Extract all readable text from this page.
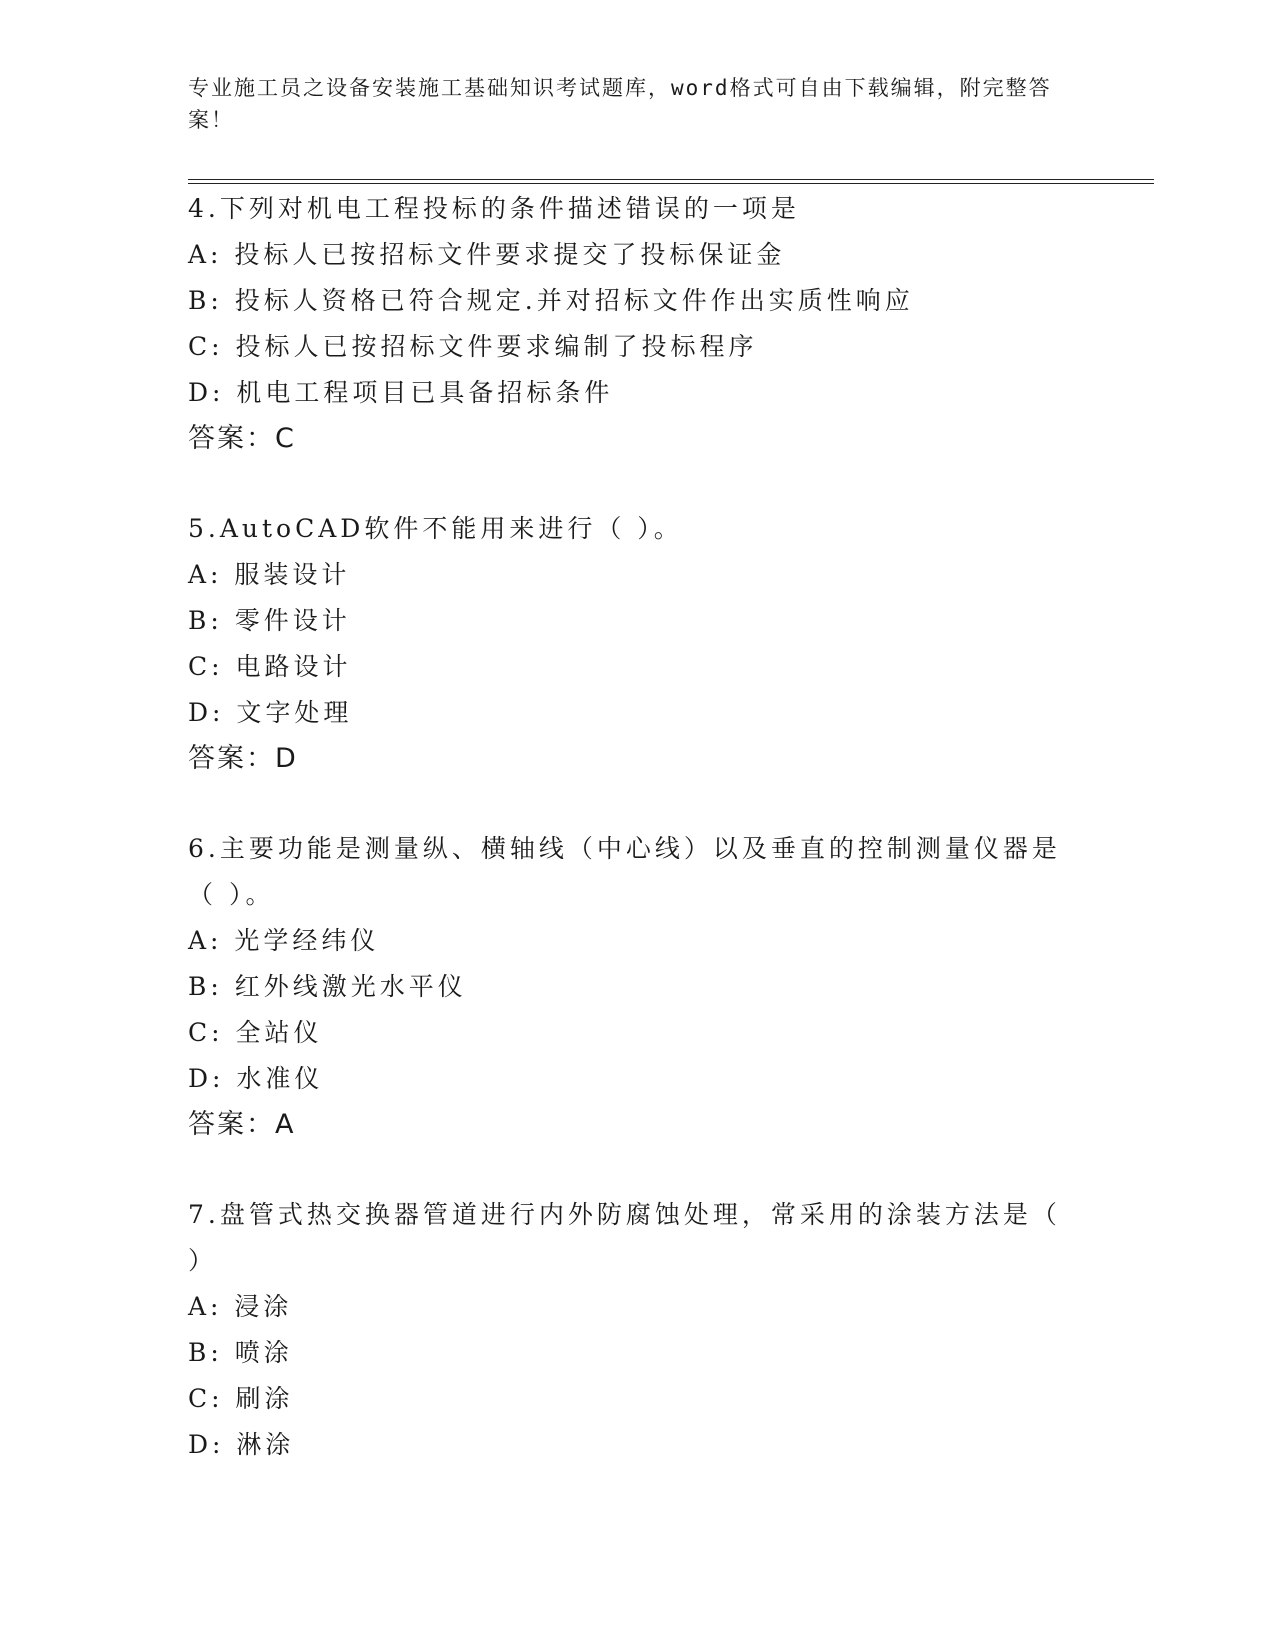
专业施工员之设备安装施工基础知识考试题库，word格式可自由下载编辑，附完整答案！
4.下列对机电工程投标的条件描述错误的一项是
A: 投标人已按招标文件要求提交了投标保证金
B: 投标人资格已符合规定.并对招标文件作出实质性响应
C: 投标人已按招标文件要求编制了投标程序
D: 机电工程项目已具备招标条件
答案：C
5.AutoCAD软件不能用来进行（ ）。
A: 服装设计
B: 零件设计
C: 电路设计
D: 文字处理
答案：D
6.主要功能是测量纵、横轴线（中心线）以及垂直的控制测量仪器是（ ）。
A: 光学经纬仪
B: 红外线激光水平仪
C: 全站仪
D: 水准仪
答案：A
7.盘管式热交换器管道进行内外防腐蚀处理，常采用的涂装方法是（ ）
A: 浸涂
B: 喷涂
C: 刷涂
D: 淋涂
